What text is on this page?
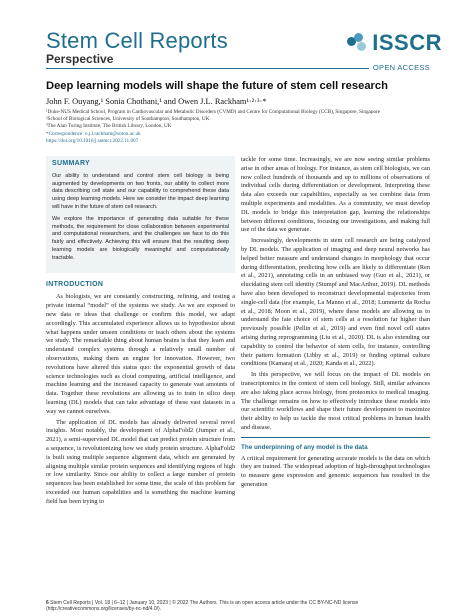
Stem Cell Reports	ISSCR
Perspective
OPEN ACCESS
Deep learning models will shape the future of stem cell research
John F. Ouyang,¹ Sonia Chothani,¹ and Owen J.L. Rackham¹·²·³·*
¹Duke-NUS Medical School, Program in Cardiovascular and Metabolic Disorders (CVMD) and Centre for Computational Biology (CCB), Singapore, Singapore
²School of Biological Sciences, University of Southampton, Southampton, UK
³The Alan Turing Institute, The British Library, London, UK
*Correspondence: o.j.l.rackham@soton.ac.uk
https://doi.org/10.1016/j.stemcr.2022.11.007
SUMMARY

Our ability to understand and control stem cell biology is being augmented by developments on two fronts, our ability to collect more data describing cell state and our capability to comprehend these data using deep learning models. Here we consider the impact deep learning will have in the future of stem cell research.

We explore the importance of generating data suitable for these methods, the requirement for close collaboration between experimental and computational researchers, and the challenges we face to do this fairly and effectively. Achieving this will ensure that the resulting deep learning models are biologically meaningful and computationally tractable.

INTRODUCTION

As biologists, we are constantly constructing, refining, and testing a private internal “model” of the systems we study. As we are exposed to new data or ideas that challenge or confirm this model, we adapt accordingly. This accumulated experience allows us to hypothesize about what happens under unseen conditions or teach others about the systems we study. The remarkable thing about human brains is that they learn and understand complex systems through a relatively small number of observations, making them an engine for innovation. However, two revolutions have altered this status quo: the exponential growth of data science technologies such as cloud computing, artificial intelligence, and machine learning and the increased capacity to generate vast amounts of data. Together these revolutions are allowing us to train in silico deep learning (DL) models that can take advantage of these vast datasets in a way we cannot ourselves.

The application of DL models has already delivered several novel insights. Most notably, the development of AlphaFold2 (Jumper et al., 2021), a semi-supervised DL model that can predict protein structure from a sequence, is revolutionizing how we study protein structure. AlphaFold2 is built using multiple sequence alignment data, which are generated by aligning multiple similar protein sequences and identifying regions of high or low similarity. Since our ability to collect a large number of protein sequences has been established for some time, the scale of this problem far exceeded our human capabilities and is something the machine learning field has been trying to

tackle for some time. Increasingly, we are now seeing similar problems arise in other areas of biology. For instance, as stem cell biologists, we can now collect hundreds of thousands and up to millions of observations of individual cells during differentiation or development. Interpreting these data also exceeds our capabilities, especially as we combine data from multiple experiments and modalities. As a community, we must develop DL models to bridge this interpretation gap, learning the relationships between different conditions, focusing our investigations, and making full use of the data we generate.

Increasingly, developments in stem cell research are being catalyzed by DL models. The application of imaging and deep neural networks has helped better measure and understand changes in morphology that occur during differentiation, predicting how cells are likely to differentiate (Ren et al., 2021), annotating cells in an unbiased way (Guo et al., 2021), or elucidating stem cell identity (Stumpf and MacArthur, 2019). DL methods have also been developed to reconstruct developmental trajectories from single-cell data (for example, La Manno et al., 2018; Lummertz da Rocha et al., 2018; Moon et al., 2019), where these models are allowing us to understand the fate choice of stem cells at a resolution far higher than previously possible (Pellin et al., 2019) and even find novel cell states arising during reprogramming (Liu et al., 2020). DL is also extending our capability to control the behavior of stem cells, for instance, controlling their pattern formation (Libby et al., 2019) or finding optimal culture conditions (Kamaraj et al., 2020; Kanda et al., 2022).

In this perspective, we will focus on the impact of DL models on transcriptomics in the context of stem cell biology. Still, similar advances are also taking place across biology, from proteomics to medical imaging. The challenge remains on how to effectively introduce these models into our scientific workflows and shape their future development to maximize their ability to help us tackle the most critical problems in human health and disease.

The underpinning of any model is the data

A critical requirement for generating accurate models is the data on which they are trained. The widespread adoption of high-throughput technologies to measure gene expression and genomic sequences has resulted in the generation

6 Stem Cell Reports | Vol. 18 | 6–12 | January 10, 2023 | © 2022 The Authors. This is an open access article under the CC BY-NC-ND license (http://creativecommons.org/licenses/by-nc-nd/4.0/).
